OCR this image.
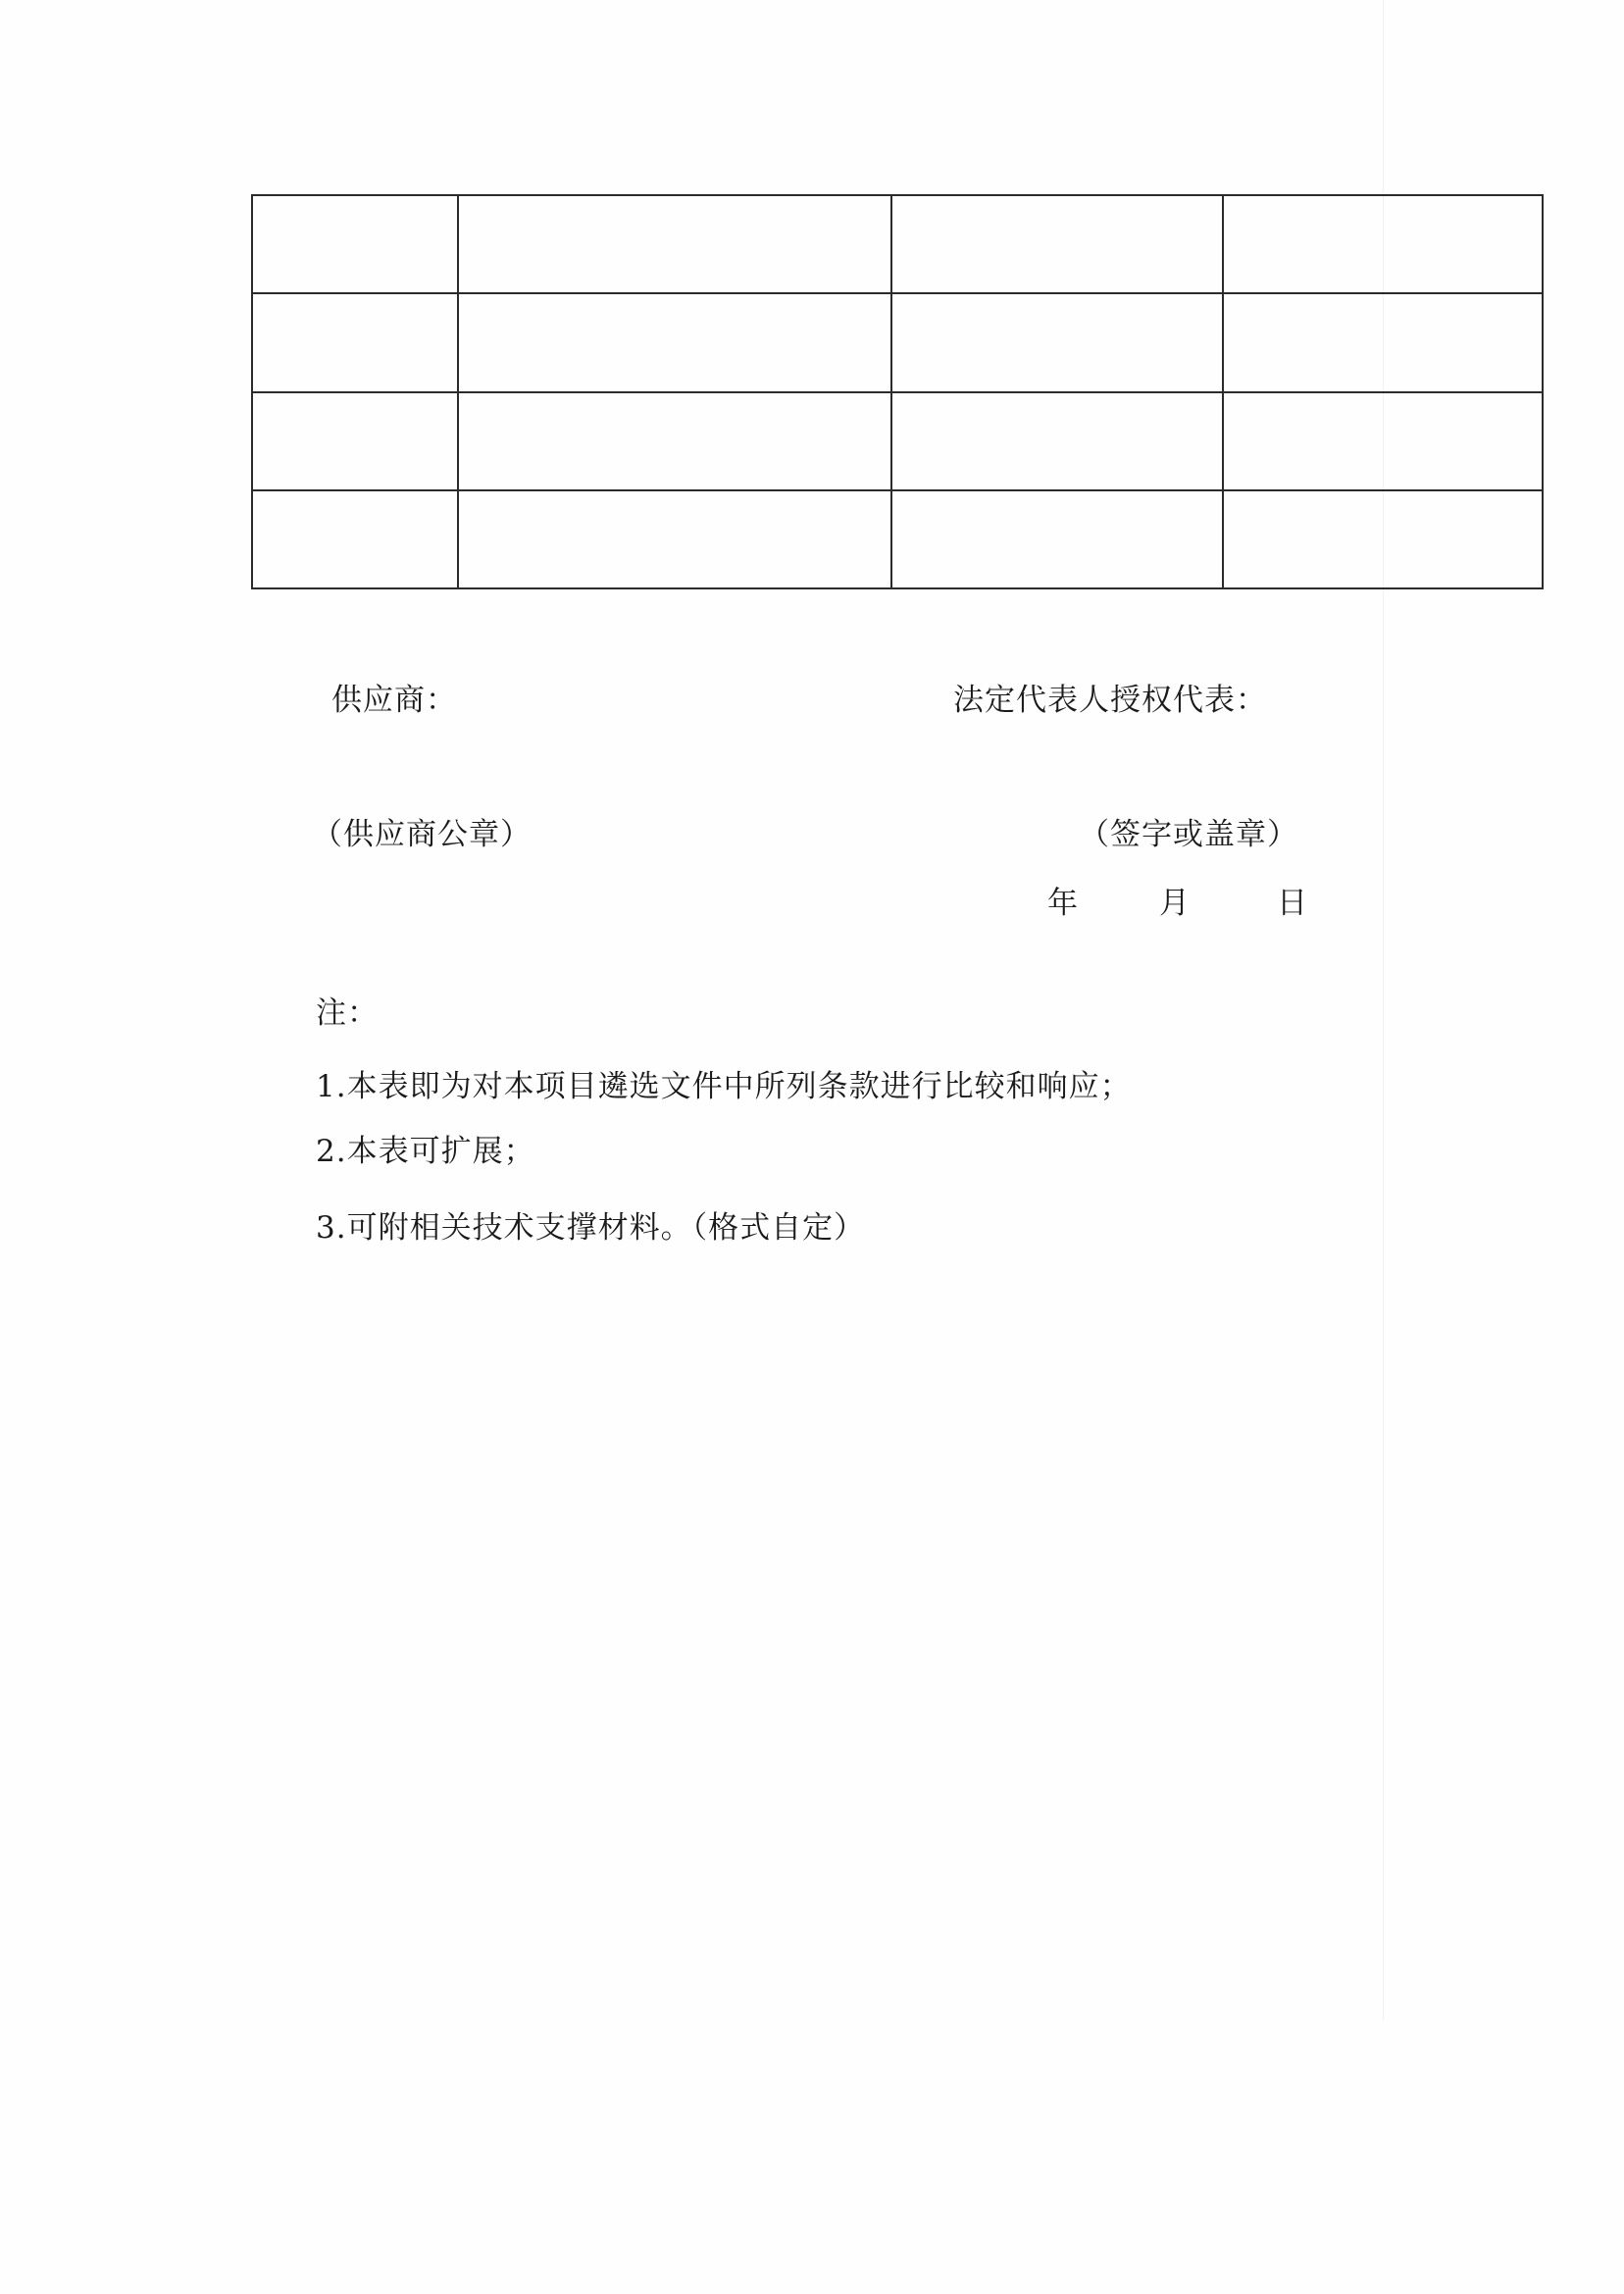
供应商：	法定代表人授权代表：
（供应商公章）	（签字或盖章）
年	月	日
注：
1.本表即为对本项目遴选文件中所列条款进行比较和响应；
2.本表可扩展；
3.可附相关技术支撑材料。（格式自定）
